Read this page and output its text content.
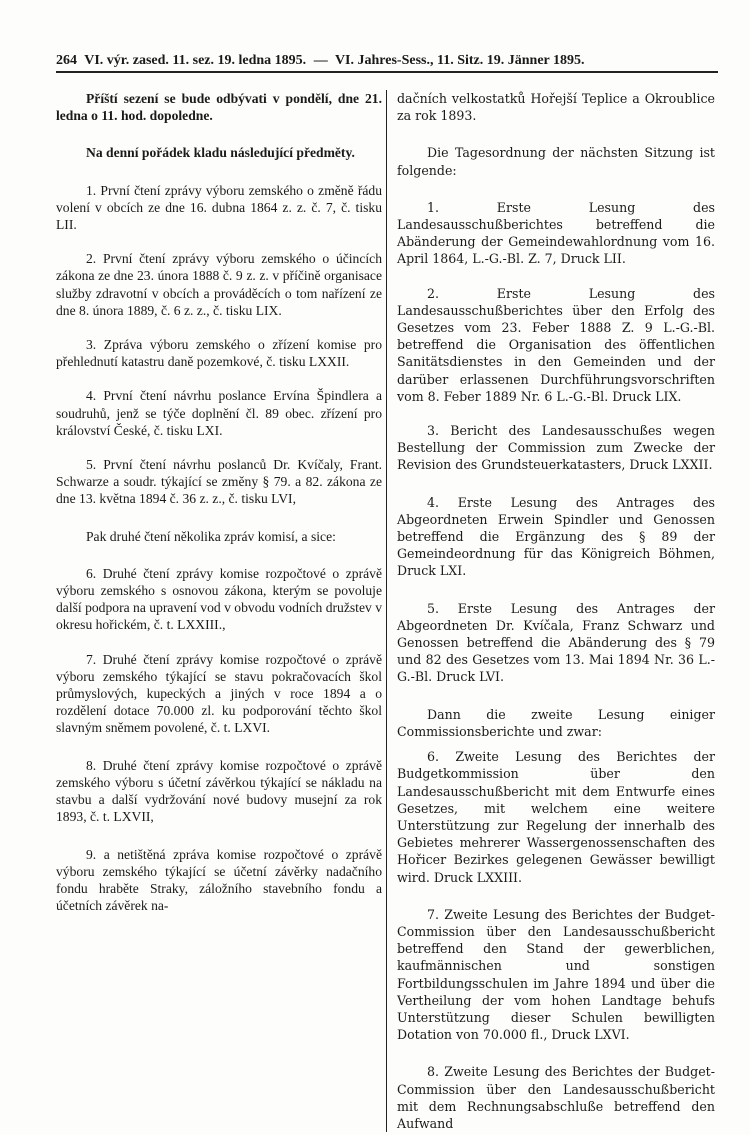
264 VI. výr. zased. 11. sez. 19. ledna 1895. — VI. Jahres-Sess., 11. Sitz. 19. Jänner 1895.

Příští sezení se bude odbývati v pondělí, dne 21. ledna o 11. hod. dopoledne.

Na denní pořádek kladu následující předměty.

1. První čtení zprávy výboru zemského o změně řádu volení v obcích ze dne 16. dubna 1864 z. z. č. 7, č. tisku LII.

2. První čtení zprávy výboru zemského o účincích zákona ze dne 23. února 1888 č. 9 z. z. v příčině organisace služby zdravotní v obcích a prováděcích o tom nařízení ze dne 8. února 1889, č. 6 z. z., č. tisku LIX.

3. Zpráva výboru zemského o zřízení komise pro přehlednutí katastru daně pozemkové, č. tisku LXXII.

4. První čtení návrhu poslance Ervína Špindlera a soudruhů, jenž se týče doplnění čl. 89 obec. zřízení pro království České, č. tisku LXI.

5. První čtení návrhu poslanců Dr. Kvíčaly, Frant. Schwarze a soudr. týkající se změny § 79. a 82. zákona ze dne 13. května 1894 č. 36 z. z., č. tisku LVI,

Pak druhé čtení několika zpráv komisí, a sice:

6. Druhé čtení zprávy komise rozpočtové o zprávě výboru zemského s osnovou zákona, kterým se povoluje další podpora na upravení vod v obvodu vodních družstev v okresu hořickém, č. t. LXXIII.,

7. Druhé čtení zprávy komise rozpočtové o zprávě výboru zemského týkající se stavu pokračovacích škol průmyslových, kupeckých a jiných v roce 1894 a o rozdělení dotace 70.000 zl. ku podporování těchto škol slavným sněmem povolené, č. t. LXVI.

8. Druhé čtení zprávy komise rozpočtové o zprávě zemského výboru s účetní závěrkou týkající se nákladu na stavbu a další vydržování nové budovy musejní za rok 1893, č. t. LXVII,

9. a netištěná zpráva komise rozpočtové o zprávě výboru zemského týkající se účetní závěrky nadačního fondu hraběte Straky, záložního stavebního fondu a účetních závěrek na-

dačních velkostatků Hořejší Teplice a Okroublice za rok 1893.

Die Tagesordnung der nächsten Sitzung ist folgende:

1. Erste Lesung des Landesausschußberichtes betreffend die Abänderung der Gemeindewahlordnung vom 16. April 1864, L.-G.-Bl. Z. 7, Druck LII.

2. Erste Lesung des Landesausschußberichtes über den Erfolg des Gesetzes vom 23. Feber 1888 Z. 9 L.-G.-Bl. betreffend die Organisation des öffentlichen Sanitätsdienstes in den Gemeinden und der darüber erlassenen Durchführungsvorschriften vom 8. Feber 1889 Nr. 6 L.-G.-Bl. Druck LIX.

3. Bericht des Landesausschußes wegen Bestellung der Commission zum Zwecke der Revision des Grundsteuerkatasters, Druck LXXII.

4. Erste Lesung des Antrages des Abgeordneten Erwein Spindler und Genossen betreffend die Ergänzung des § 89 der Gemeindeordnung für das Königreich Böhmen, Druck LXI.

5. Erste Lesung des Antrages der Abgeordneten Dr. Kvíčala, Franz Schwarz und Genossen betreffend die Abänderung des § 79 und 82 des Gesetzes vom 13. Mai 1894 Nr. 36 L.-G.-Bl. Druck LVI.

Dann die zweite Lesung einiger Commissionsberichte und zwar:

6. Zweite Lesung des Berichtes der Budgetkommission über den Landesausschußbericht mit dem Entwurfe eines Gesetzes, mit welchem eine weitere Unterstützung zur Regelung der innerhalb des Gebietes mehrerer Wassergenossenschaften des Hořicer Bezirkes gelegenen Gewässer bewilligt wird. Druck LXXIII.

7. Zweite Lesung des Berichtes der Budget-Commission über den Landesausschußbericht betreffend den Stand der gewerblichen, kaufmännischen und sonstigen Fortbildungsschulen im Jahre 1894 und über die Vertheilung der vom hohen Landtage behufs Unterstützung dieser Schulen bewilligten Dotation von 70.000 fl., Druck LXVI.

8. Zweite Lesung des Berichtes der Budget-Commission über den Landesausschußbericht mit dem Rechnungsabschluße betreffend den Aufwand
